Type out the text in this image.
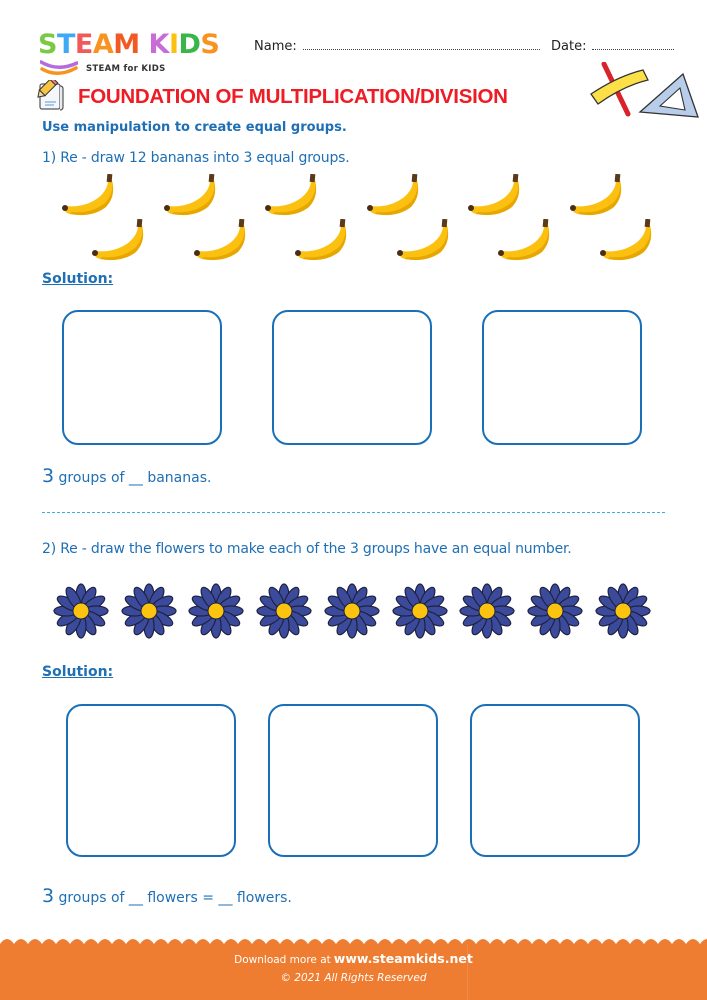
STEAM KIDS
STEAM for KIDS
Name:	Date:
FOUNDATION OF MULTIPLICATION/DIVISION
Use manipulation to create equal groups.
1) Re - draw 12 bananas into 3 equal groups.
Solution:
3 groups of __ bananas.
2) Re - draw the flowers to make each of the 3 groups have an equal number.
Solution:
3 groups of __ flowers = __ flowers.
Download more at www.steamkids.net
© 2021 All Rights Reserved
